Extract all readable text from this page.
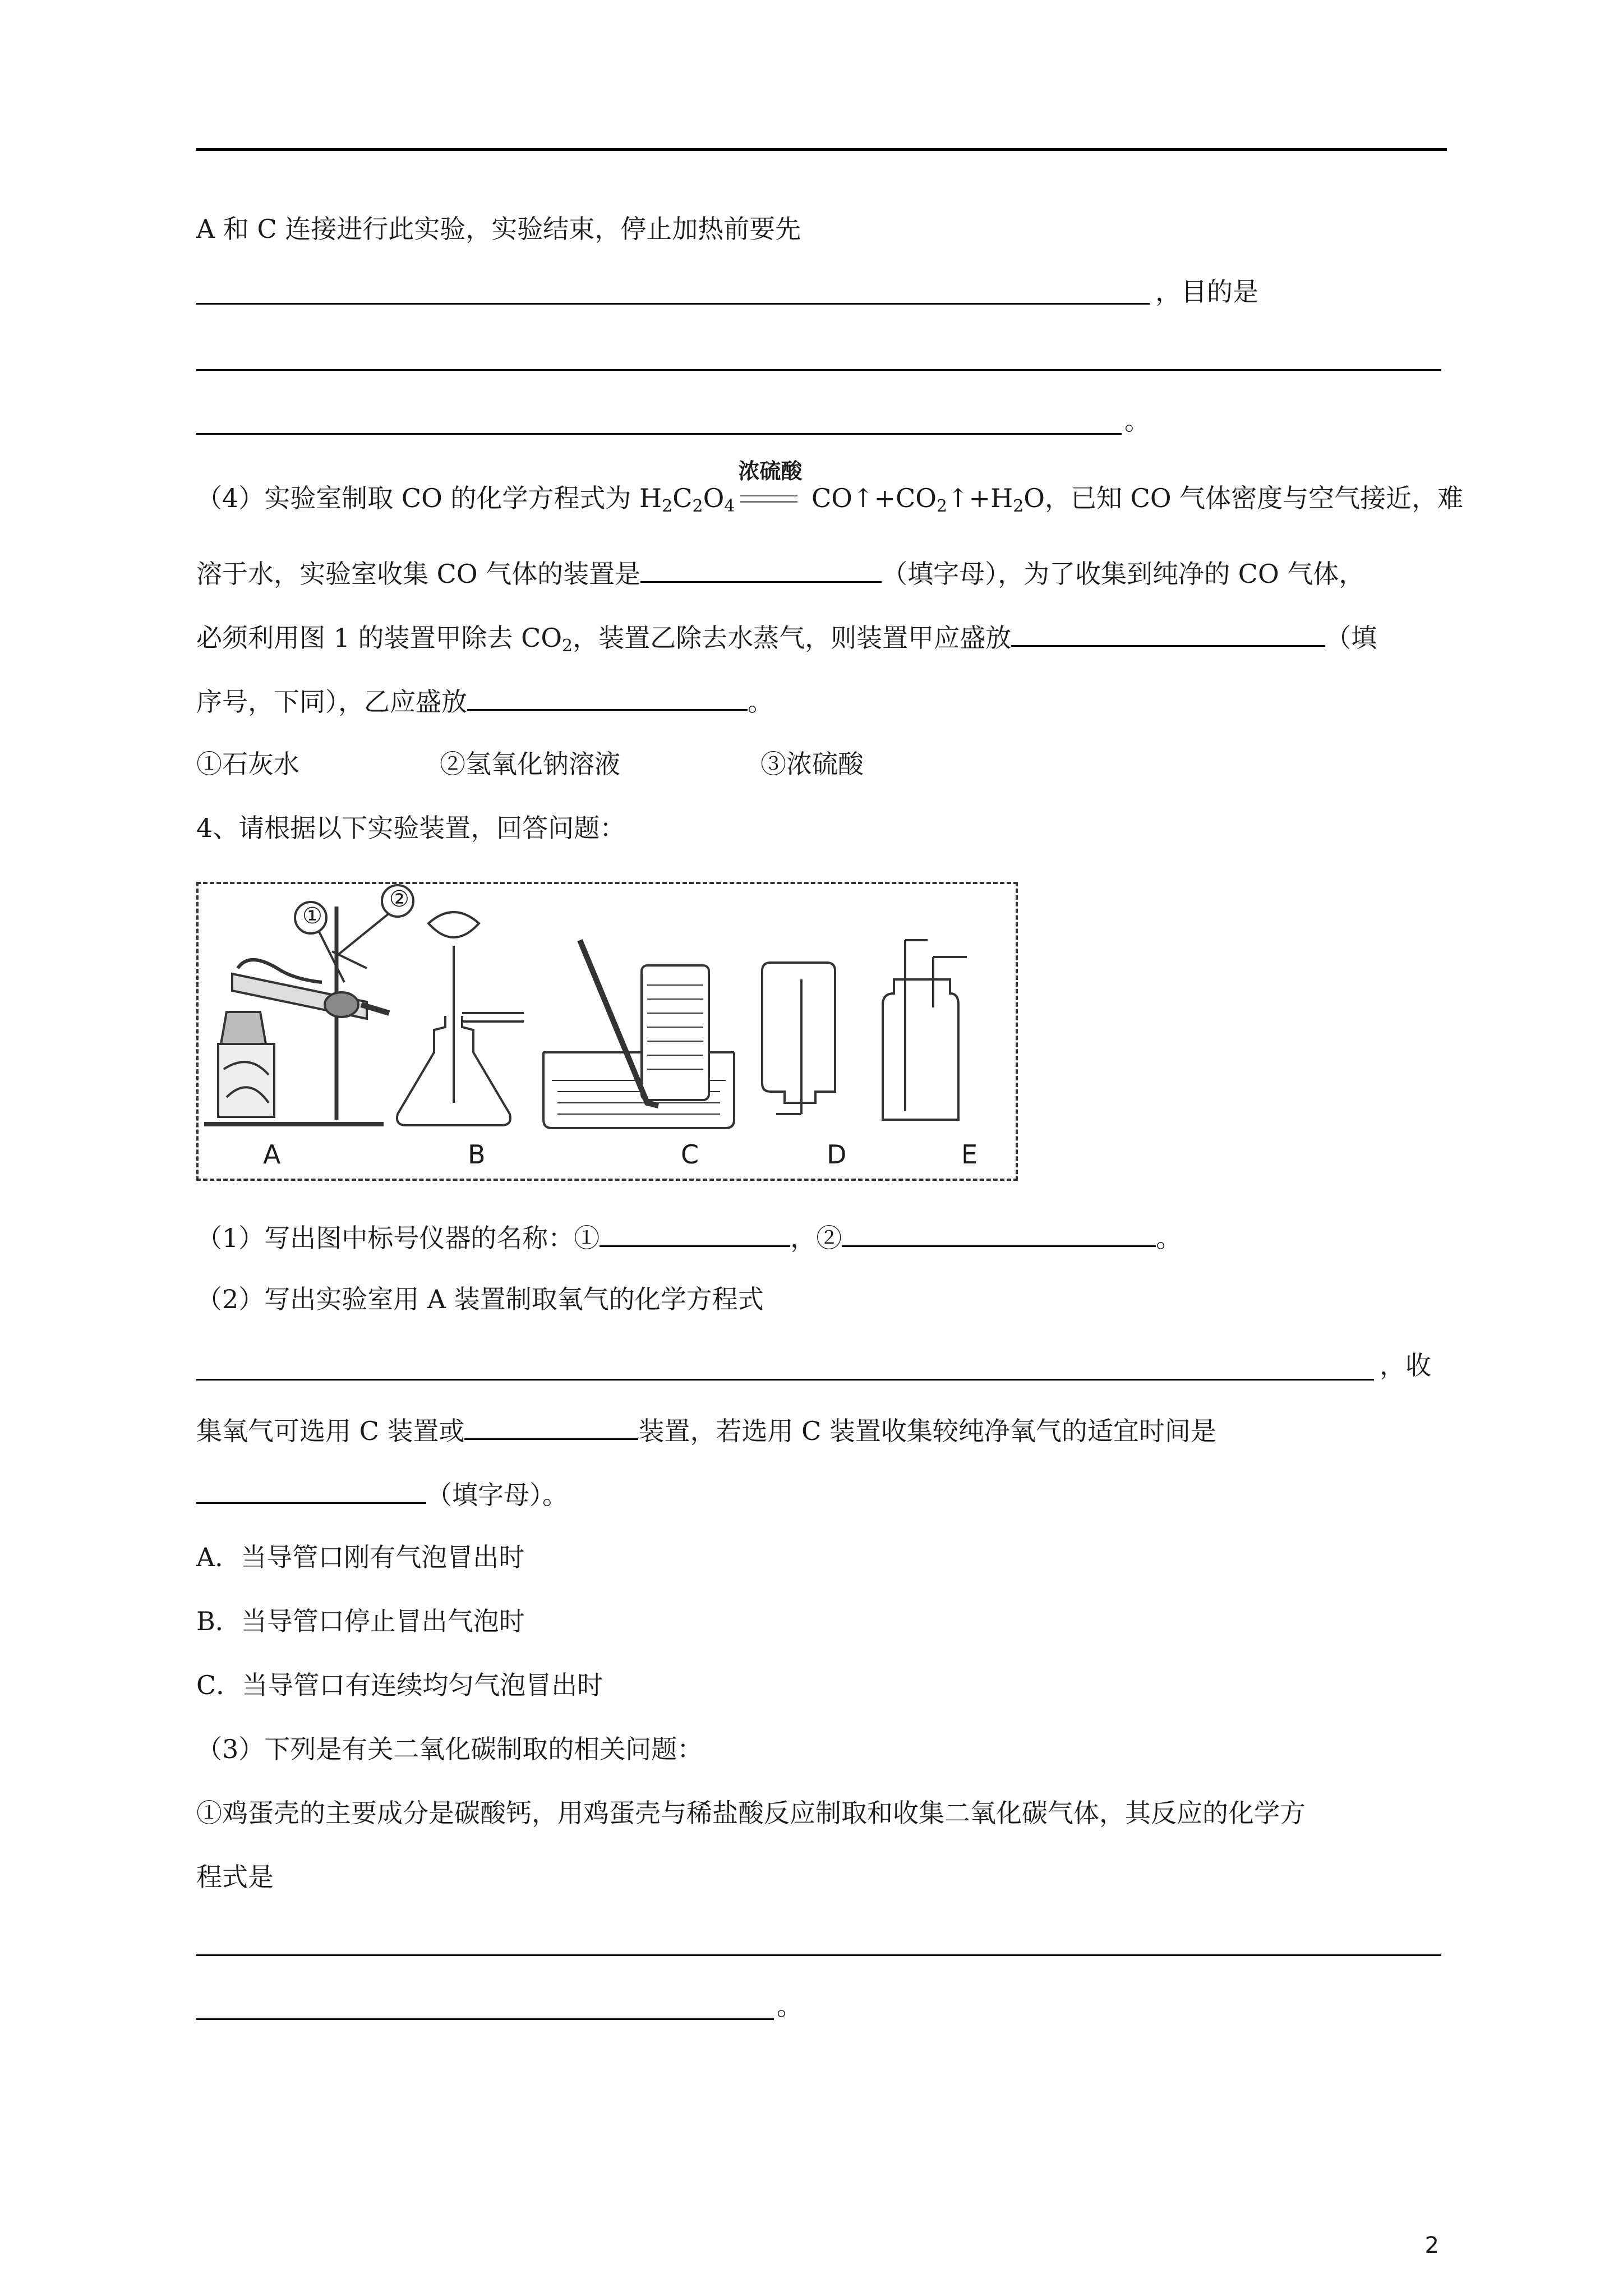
A 和 C 连接进行此实验，实验结束，停止加热前要先
，目的是
。
（4）实验室制取 CO 的化学方程式为 $H_2C_2O_4$
浓硫酸
$CO↑+CO_2↑+H_2O$，已知 CO 气体密度与空气接近，难
溶于水，实验室收集 CO 气体的装置是	（填字母），为了收集到纯净的 CO 气体，
必须利用图 1 的装置甲除去 $CO_2$，装置乙除去水蒸气，则装置甲应盛放	（填
序号，下同），乙应盛放	。
①石灰水	②氢氧化钠溶液	③浓硫酸
4、请根据以下实验装置，回答问题：
①
②
A	B	C	D	E
（1）写出图中标号仪器的名称：①	，②	。
（2）写出实验室用 A 装置制取氧气的化学方程式
，收
集氧气可选用 C 装置或	装置，若选用 C 装置收集较纯净氧气的适宜时间是
（填字母）。
A．当导管口刚有气泡冒出时
B．当导管口停止冒出气泡时
C．当导管口有连续均匀气泡冒出时
（3）下列是有关二氧化碳制取的相关问题：
①鸡蛋壳的主要成分是碳酸钙，用鸡蛋壳与稀盐酸反应制取和收集二氧化碳气体，其反应的化学方
程式是
。
2
